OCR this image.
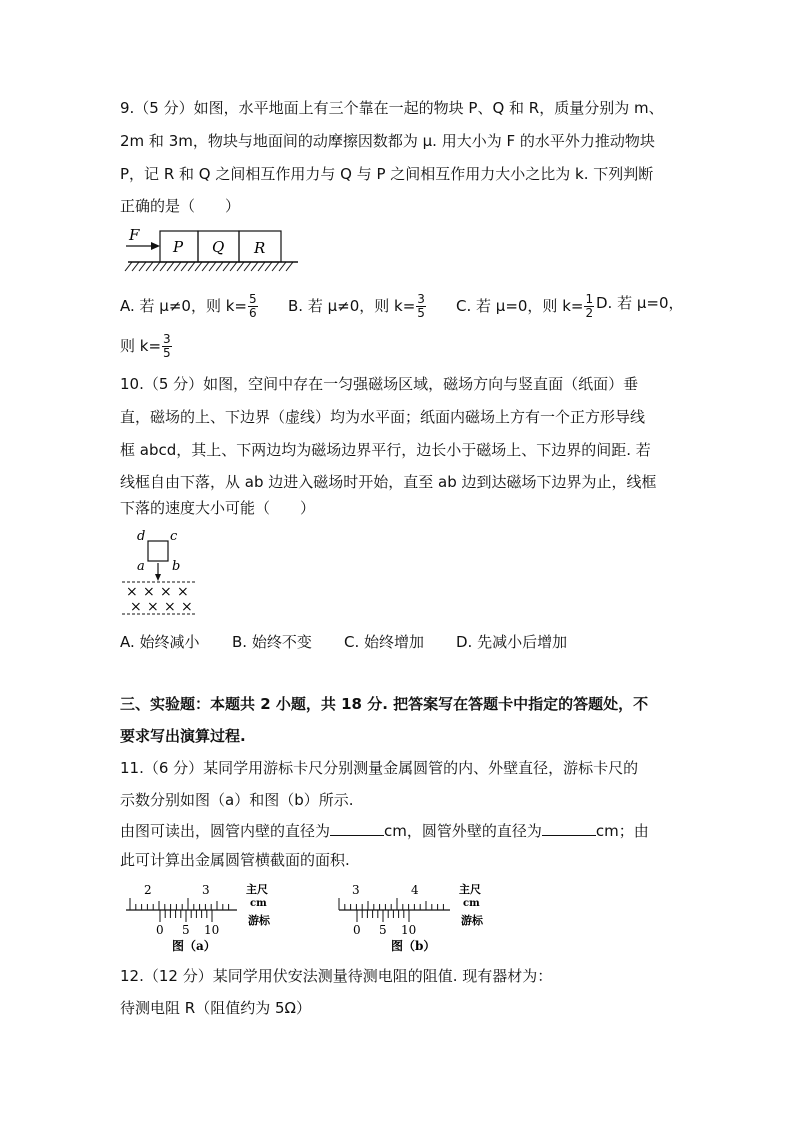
9.（5 分）如图，水平地面上有三个靠在一起的物块 P、Q 和 R，质量分别为 m、
2m 和 3m，物块与地面间的动摩擦因数都为 μ. 用大小为 F 的水平外力推动物块
P，记 R 和 Q 之间相互作用力与 Q 与 P 之间相互作用力大小之比为 k. 下列判断
正确的是（　　）
F
P Q R
A. 若 μ≠0，则 $k= \frac{5}{6} B$. 若 μ≠0，则 $k= \frac{3}{5} C$. 若 μ=0，则 $k= \frac{1}{2} D$. 若 μ=0，
则 $k= \frac{3}{5}$
10.（5 分）如图，空间中存在一匀强磁场区域，磁场方向与竖直面（纸面）垂
直，磁场的上、下边界（虚线）均为水平面；纸面内磁场上方有一个正方形导线
框 abcd，其上、下两边均为磁场边界平行，边长小于磁场上、下边界的间距. 若
线框自由下落，从 ab 边进入磁场时开始，直至 ab 边到达磁场下边界为止，线框
下落的速度大小可能（　　）
d c
a b
× × × ×
× × × ×
A. 始终减小 B. 始终不变 C. 始终增加 D. 先减小后增加
三、实验题：本题共 2 小题，共 18 分. 把答案写在答题卡中指定的答题处，不
要求写出演算过程.
11.（6 分）某同学用游标卡尺分别测量金属圆管的内、外壁直径，游标卡尺的
示数分别如图（a）和图（b）所示.
由图可读出，圆管内壁的直径为	cm，圆管外壁的直径为	cm；由
此可计算出金属圆管横截面的面积.
2	3	主尺
cm
游标
0 5 10
图（a）
3	4	主尺
cm
游标
0 5 10
图（b）
12.（12 分）某同学用伏安法测量待测电阻的阻值. 现有器材为：
待测电阻 R（阻值约为 5Ω）
